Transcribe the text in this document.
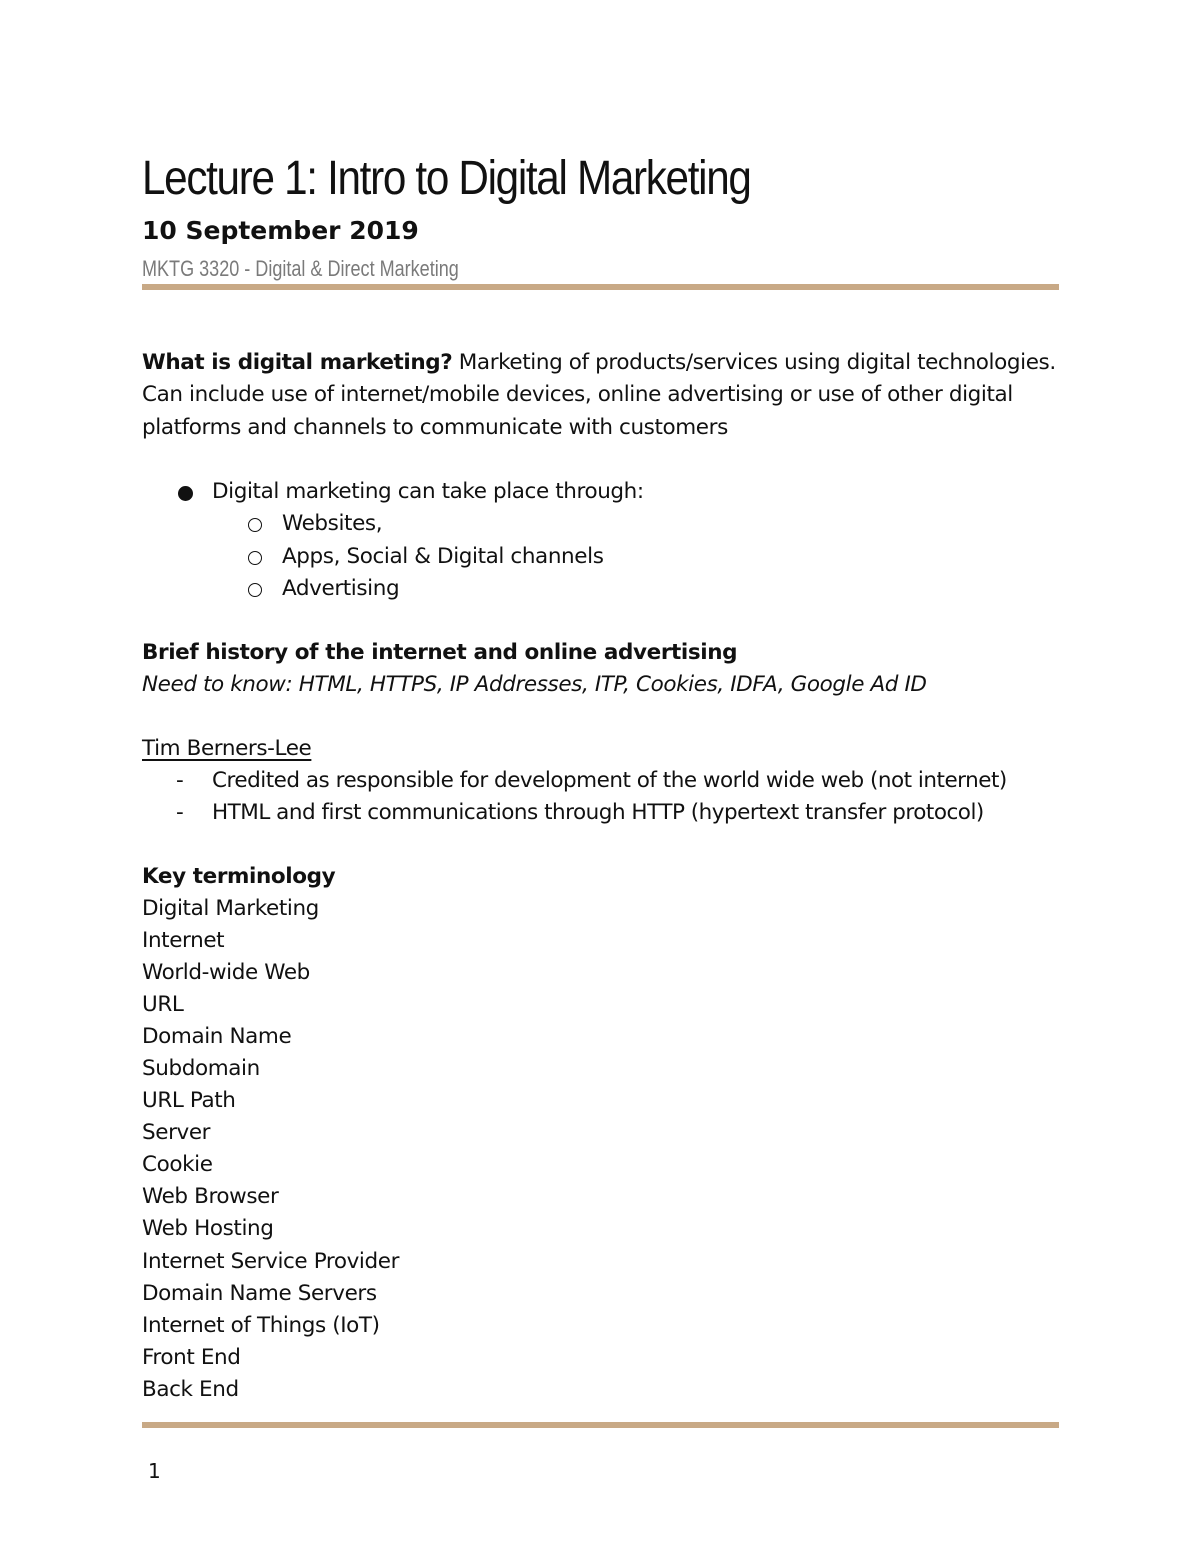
Lecture 1: Intro to Digital Marketing
10 September 2019
MKTG 3320 - Digital & Direct Marketing
What is digital marketing? Marketing of products/services using digital technologies. Can include use of internet/mobile devices, online advertising or use of other digital platforms and channels to communicate with customers
Digital marketing can take place through:
Websites,
Apps, Social & Digital channels
Advertising
Brief history of the internet and online advertising
Need to know: HTML, HTTPS, IP Addresses, ITP, Cookies, IDFA, Google Ad ID
Tim Berners-Lee
- Credited as responsible for development of the world wide web (not internet)
- HTML and first communications through HTTP (hypertext transfer protocol)
Key terminology
Digital Marketing
Internet
World-wide Web
URL
Domain Name
Subdomain
URL Path
Server
Cookie
Web Browser
Web Hosting
Internet Service Provider
Domain Name Servers
Internet of Things (IoT)
Front End
Back End
1
